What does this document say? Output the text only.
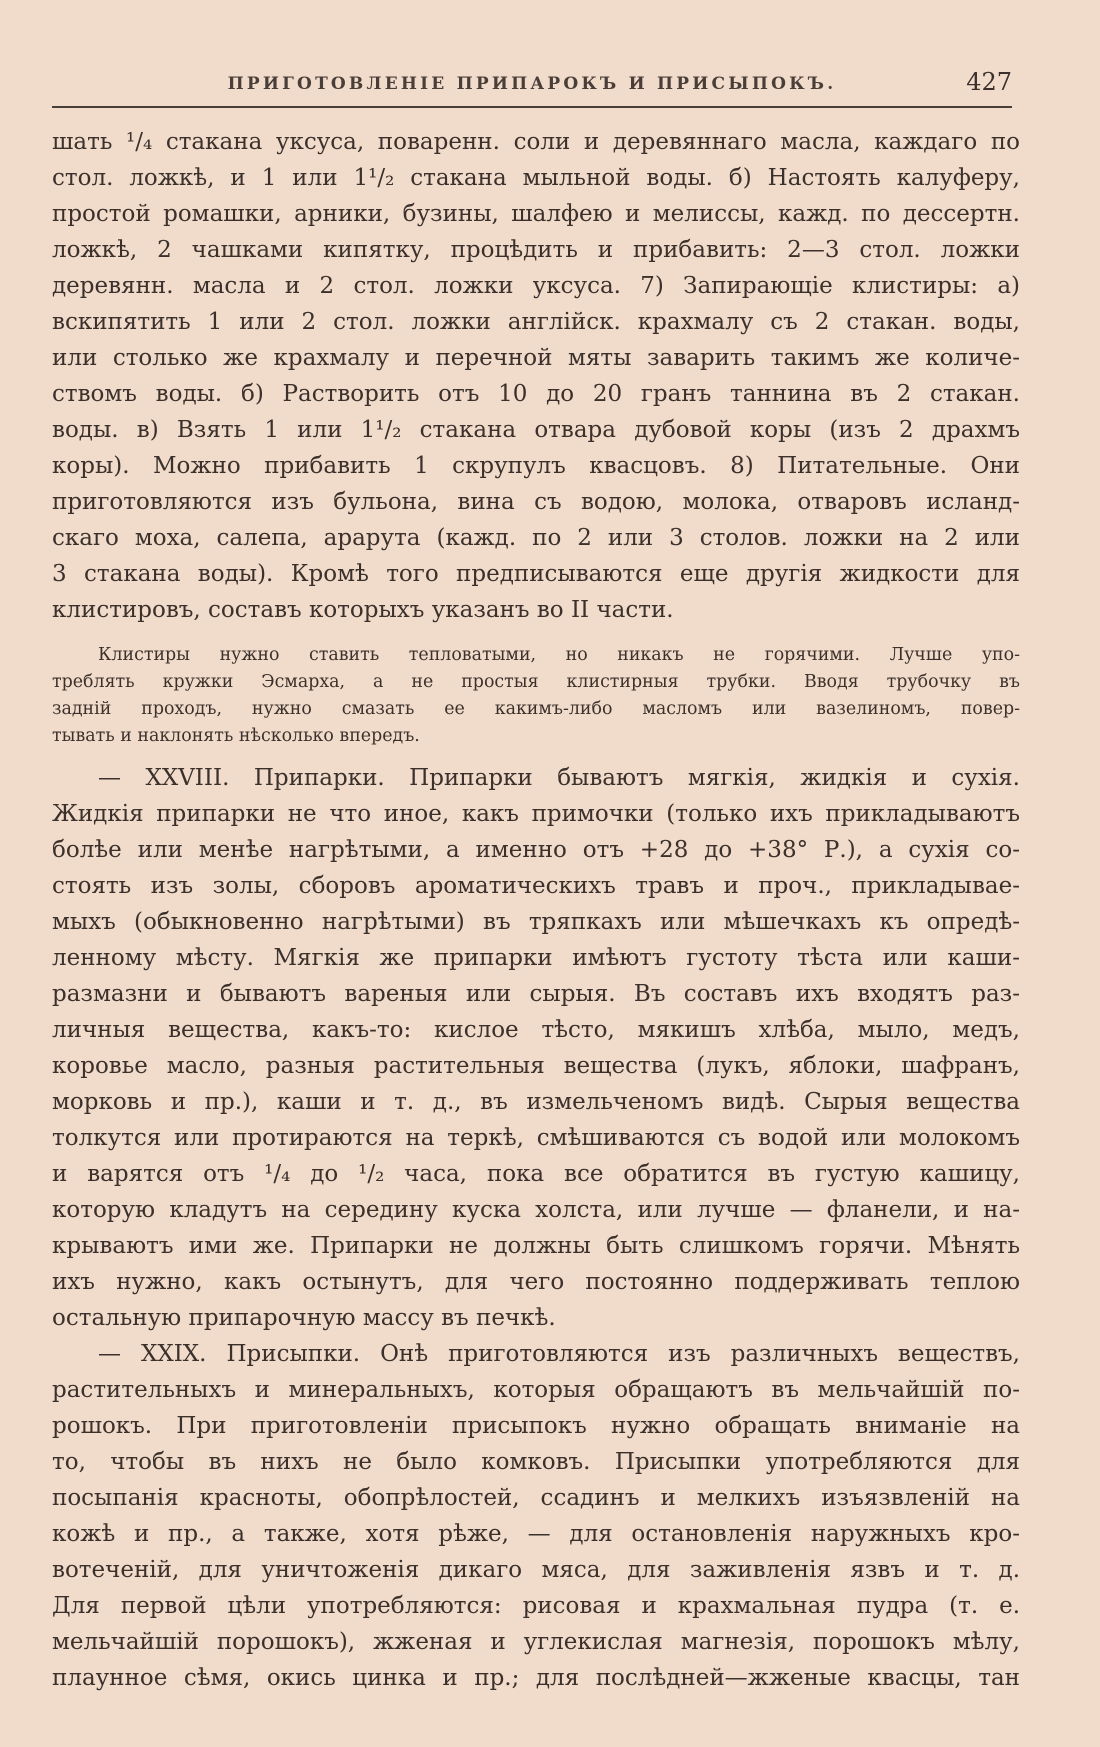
ПРИГОТОВЛЕНІЕ ПРИПАРОКЪ И ПРИСЫПОКЪ.	427
шать ¹/₄ стакана уксуса, поваренн. соли и деревяннаго масла, каждаго по
стол. ложкѣ, и 1 или 1¹/₂ стакана мыльной воды. б) Настоять калуферу,
простой ромашки, арники, бузины, шалфею и мелиссы, кажд. по дессертн.
ложкѣ, 2 чашками кипятку, процѣдить и прибавить: 2—3 стол. ложки
деревянн. масла и 2 стол. ложки уксуса. 7) Запирающіе клистиры: а)
вскипятить 1 или 2 стол. ложки англійск. крахмалу съ 2 стакан. воды,
или столько же крахмалу и перечной мяты заварить такимъ же количе-
ствомъ воды. б) Растворить отъ 10 до 20 гранъ таннина въ 2 стакан.
воды. в) Взять 1 или 1¹/₂ стакана отвара дубовой коры (изъ 2 драхмъ
коры). Можно прибавить 1 скрупулъ квасцовъ. 8) Питательные. Они
приготовляются изъ бульона, вина съ водою, молока, отваровъ исланд-
скаго моха, салепа, арарута (кажд. по 2 или 3 столов. ложки на 2 или
3 стакана воды). Кромѣ того предписываются еще другія жидкости для
клистировъ, составъ которыхъ указанъ во II части.
Клистиры нужно ставить тепловатыми, но никакъ не горячими. Лучше упо-
треблять кружки Эсмарха, а не простыя клистирныя трубки. Вводя трубочку въ
задній проходъ, нужно смазать ее какимъ-либо масломъ или вазелиномъ, повер-
тывать и наклонять нѣсколько впередъ.
— XXVIII. Припарки. Припарки бываютъ мягкія, жидкія и сухія.
Жидкія припарки не что иное, какъ примочки (только ихъ прикладываютъ
болѣе или менѣе нагрѣтыми, а именно отъ +28 до +38° Р.), а сухія со-
стоять изъ золы, сборовъ ароматическихъ травъ и проч., прикладывае-
мыхъ (обыкновенно нагрѣтыми) въ тряпкахъ или мѣшечкахъ къ опредѣ-
ленному мѣсту. Мягкія же припарки имѣютъ густоту тѣста или каши-
размазни и бываютъ вареныя или сырыя. Въ составъ ихъ входятъ раз-
личныя вещества, какъ-то: кислое тѣсто, мякишъ хлѣба, мыло, медъ,
коровье масло, разныя растительныя вещества (лукъ, яблоки, шафранъ,
морковь и пр.), каши и т. д., въ измельченомъ видѣ. Сырыя вещества
толкутся или протираются на теркѣ, смѣшиваются съ водой или молокомъ
и варятся отъ ¹/₄ до ¹/₂ часа, пока все обратится въ густую кашицу,
которую кладутъ на середину куска холста, или лучше — фланели, и на-
крываютъ ими же. Припарки не должны быть слишкомъ горячи. Мѣнять
ихъ нужно, какъ остынутъ, для чего постоянно поддерживать теплою
остальную припарочную массу въ печкѣ.
— XXIX. Присыпки. Онѣ приготовляются изъ различныхъ веществъ,
растительныхъ и минеральныхъ, которыя обращаютъ въ мельчайшій по-
рошокъ. При приготовленіи присыпокъ нужно обращать вниманіе на
то, чтобы въ нихъ не было комковъ. Присыпки употребляются для
посыпанія красноты, обопрѣлостей, ссадинъ и мелкихъ изъязвленій на
кожѣ и пр., а также, хотя рѣже, — для остановленія наружныхъ кро-
вотеченій, для уничтоженія дикаго мяса, для заживленія язвъ и т. д.
Для первой цѣли употребляются: рисовая и крахмальная пудра (т. е.
мельчайшій порошокъ), жженая и углекислая магнезія, порошокъ мѣлу,
плаунное сѣмя, окись цинка и пр.; для послѣдней—жженые квасцы, тан
